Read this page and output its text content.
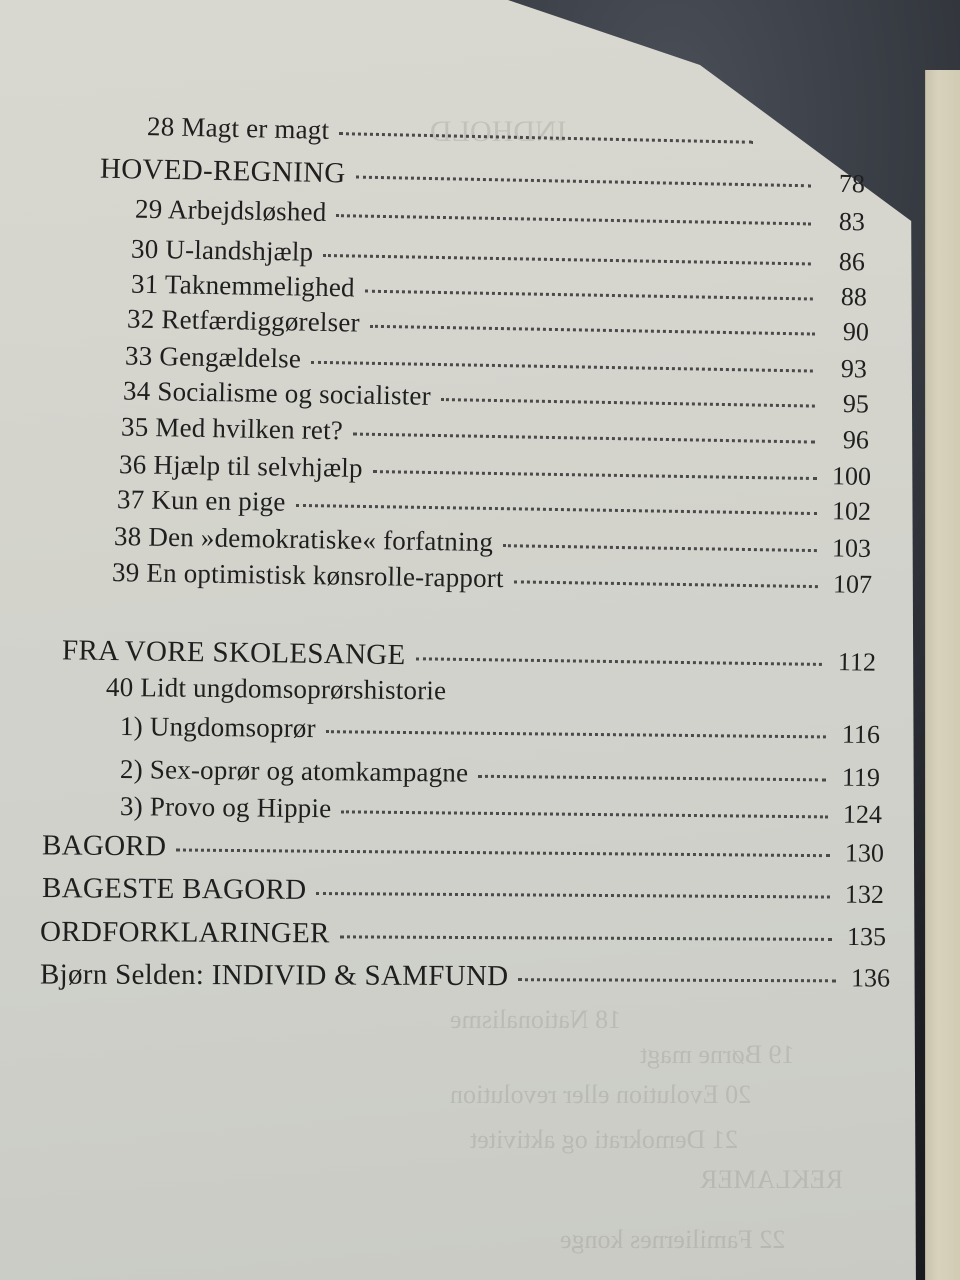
28 Magt er magt
HOVED-REGNING	78
29 Arbejdsløshed	83
30 U-landshjælp	86
31 Taknemmelighed	88
32 Retfærdiggørelser	90
33 Gengældelse	93
34 Socialisme og socialister	95
35 Med hvilken ret?	96
36 Hjælp til selvhjælp	100
37 Kun en pige	102
38 Den »demokratiske« forfatning	103
39 En optimistisk kønsrolle-rapport	107
FRA VORE SKOLESANGE	112
40 Lidt ungdomsoprørshistorie
1) Ungdomsoprør	116
2) Sex-oprør og atomkampagne	119
3) Provo og Hippie	124
BAGORD	130
BAGESTE BAGORD	132
ORDFORKLARINGER	135
Bjørn Selden: INDIVID & SAMFUND	136
